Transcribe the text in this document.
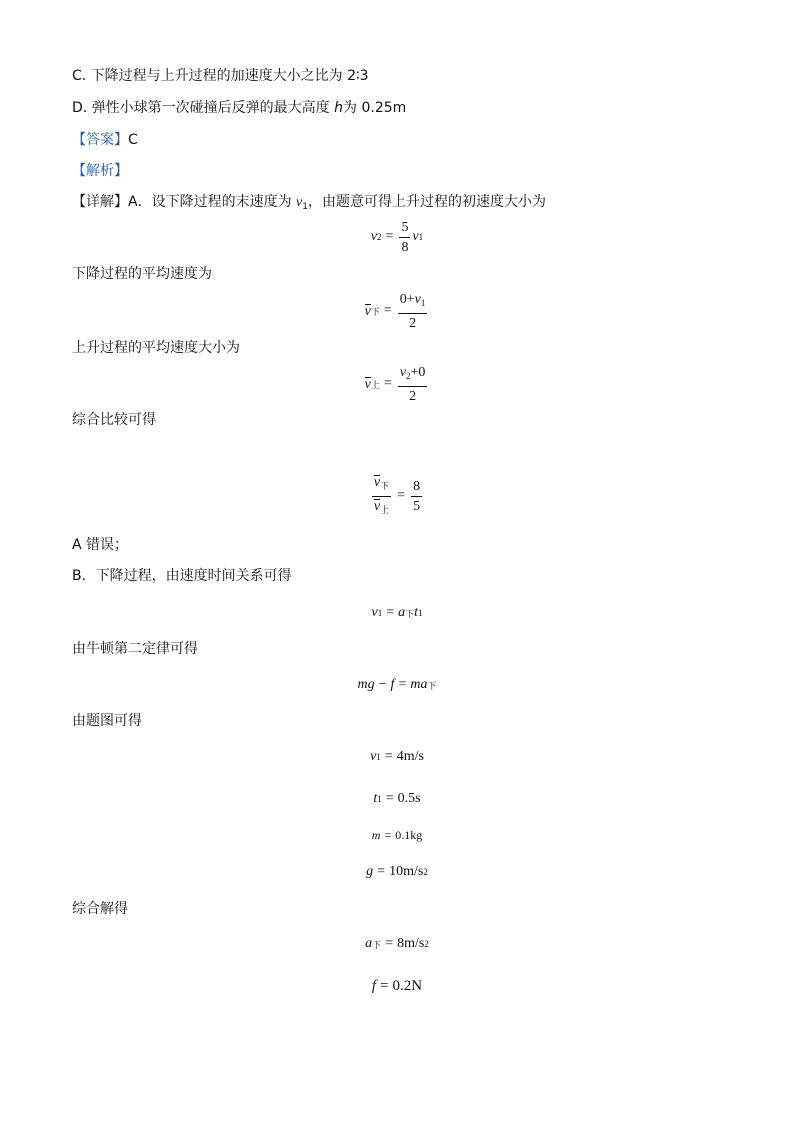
C. 下降过程与上升过程的加速度大小之比为 2∶3
D. 弹性小球第一次碰撞后反弹的最大高度 h为 0.25m
【答案】C
【解析】
【详解】A．设下降过程的末速度为 $v_1$，由题意可得上升过程的初速度大小为
v $2 = \frac{5}{8}$ v 1
下降过程的平均速度为
v 下 = $\frac{0+v_1}{2}$
上升过程的平均速度大小为
v 上 = $\frac{v_2+0}{2}$
综合比较可得
$\frac{v_下}{v_上} = \frac{8}{5}$
A 错误；
B．下降过程，由速度时间关系可得
v 1 = a 下 t 1
由牛顿第二定律可得
mg − f = ma 下
由题图可得
v 1 = 4m/s
t 1 = 0.5s
m = 0.1kg
g = 10m/s 2
综合解得
a 下 = 8m/s 2
f = 0.2N
